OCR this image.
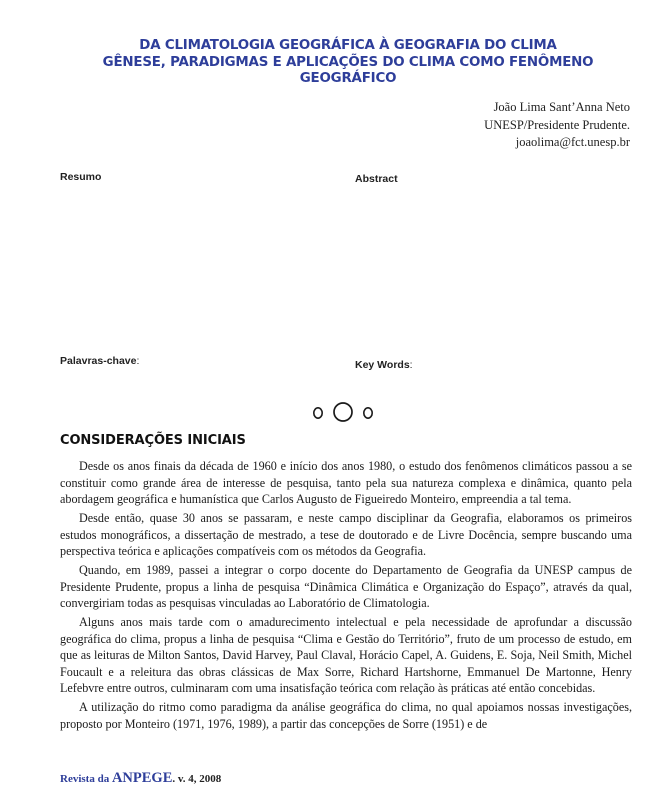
DA CLIMATOLOGIA GEOGRÁFICA À GEOGRAFIA DO CLIMA
GÊNESE, PARADIGMAS E APLICAÇÕES DO CLIMA COMO FENÔMENO
GEOGRÁFICO
João Lima Sant’Anna Neto
UNESP/Presidente Prudente.
joaolima@fct.unesp.br
Resumo	Abstract
Palavras-chave:	Key Words:
CONSIDERAÇÕES INICIAIS

Desde os anos finais da década de 1960 e início dos anos 1980, o estudo dos fenômenos climáticos passou a se constituir como grande área de interesse de pesquisa, tanto pela sua natureza complexa e dinâmica, quanto pela abordagem geográfica e humanística que Carlos Augusto de Figueiredo Monteiro, empreendia a tal tema.

Desde então, quase 30 anos se passaram, e neste campo disciplinar da Geografia, elaboramos os primeiros estudos monográficos, a dissertação de mestrado, a tese de doutorado e de Livre Docência, sempre buscando uma perspectiva teórica e aplicações compatíveis com os métodos da Geografia.

Quando, em 1989, passei a integrar o corpo docente do Departamento de Geografia da UNESP campus de Presidente Prudente, propus a linha de pesquisa “Dinâmica Climática e Organização do Espaço”, através da qual, convergiriam todas as pesquisas vinculadas ao Laboratório de Climatologia.

Alguns anos mais tarde com o amadurecimento intelectual e pela necessidade de aprofundar a discussão geográfica do clima, propus a linha de pesquisa “Clima e Gestão do Território”, fruto de um processo de estudo, em que as leituras de Milton Santos, David Harvey, Paul Claval, Horácio Capel, A. Guidens, E. Soja, Neil Smith, Michel Foucault e a releitura das obras clássicas de Max Sorre, Richard Hartshorne, Emmanuel De Martonne, Henry Lefebvre entre outros, culminaram com uma insatisfação teórica com relação às práticas até então concebidas.

A utilização do ritmo como paradigma da análise geográfica do clima, no qual apoiamos nossas investigações, proposto por Monteiro (1971, 1976, 1989), a partir das concepções de Sorre (1951) e de

Revista da ANPEGE. v. 4, 2008
